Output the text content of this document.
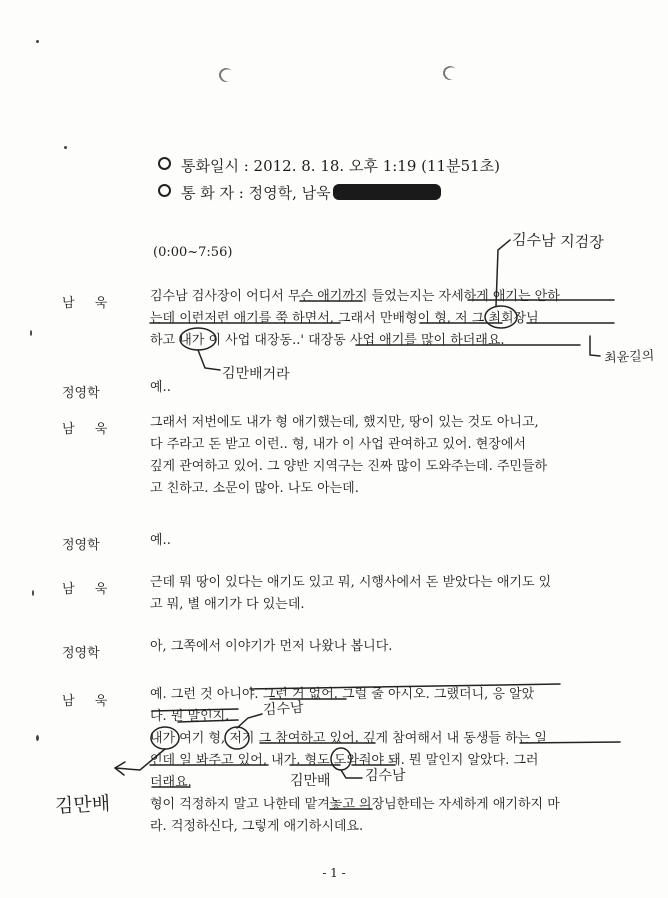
통화일시 : 2012. 8. 18. 오후 1:19 (11분51초)
통 화 자 : 정영학, 남욱
(0:00~7:56)
남 욱	김수남 검사장이 어디서 무슨 애기까지 들었는지는 자세하게 애기는 안하
는데 이런저런 애기를 쭉 하면서, 그래서 만배형이 형, 저 그 최회장님
하고 내가 이 사업 대장동..' 대장동 사업 애기를 많이 하더래요.
정영학	예..
남 욱	그래서 저번에도 내가 형 애기했는데, 했지만, 땅이 있는 것도 아니고,
다 주라고 돈 받고 이런.. 형, 내가 이 사업 관여하고 있어. 현장에서
깊게 관여하고 있어. 그 양반 지역구는 진짜 많이 도와주는데. 주민들하
고 친하고. 소문이 많아. 나도 아는데.
정영학	예..
남 욱	근데 뭐 땅이 있다는 애기도 있고 뭐, 시행사에서 돈 받았다는 애기도 있
고 뭐, 별 애기가 다 있는데.
정영학	아, 그쪽에서 이야기가 먼저 나왔나 봅니다.
남 욱	예. 그런 것 아니야. 그런 거 없어. 그럴 줄 아시오. 그랬더니, 응 알았
다. 뭔 말인지.
내가 여기 형, 저기 그 참여하고 있어. 깊게 참여해서 내 동생들 하는 일
인데 일 봐주고 있어, 내가. 형도 도와줘야 돼. 뭔 말인지 알았다. 그러
더래요.
형이 걱정하지 말고 나한테 맡겨놓고 의장님한테는 자세하게 애기하지 마
라. 걱정하신다, 그렇게 애기하시데요.
김수남 지검장
최윤길의
김만배거라
김수남
김만배 김수남
김만배
- 1 -
